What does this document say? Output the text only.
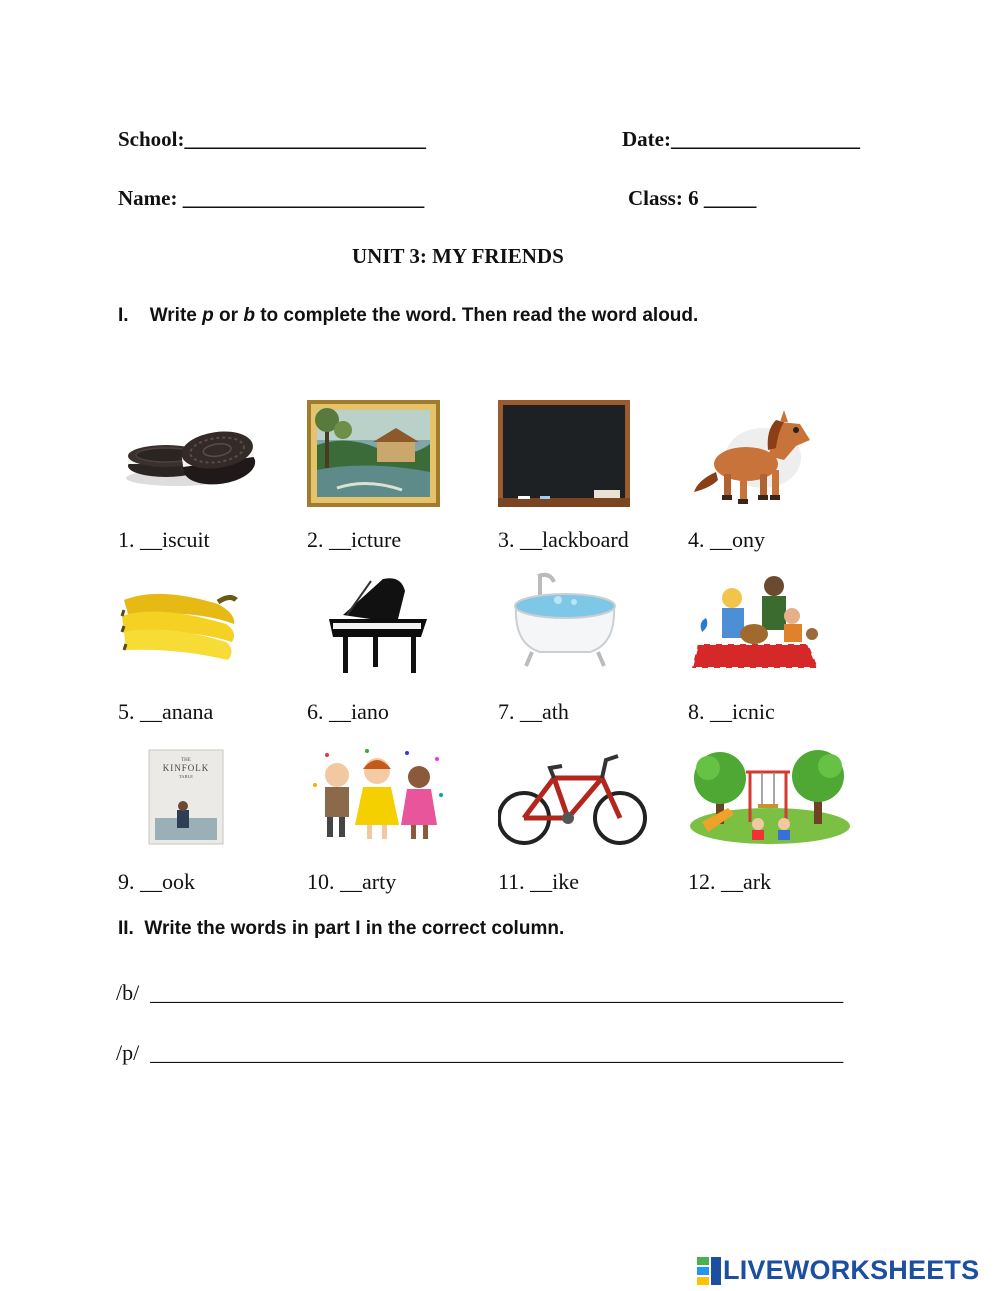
School:_______________________	Date:__________________
Name: _______________________	Class: 6 _____
UNIT 3: MY FRIENDS
I. Write p or b to complete the word. Then read the word aloud.
1. __iscuit	2. __icture	3. __lackboard	4. __ony
5. __anana	6. __iano	7. __ath	8. __icnic
THE
KINFOLK
TABLE
9. __ook	10. __arty	11. __ike	12. __ark
II. Write the words in part I in the correct column.
/b/ _______________________________________________________________
/p/ _______________________________________________________________
LIVEWORKSHEETS
